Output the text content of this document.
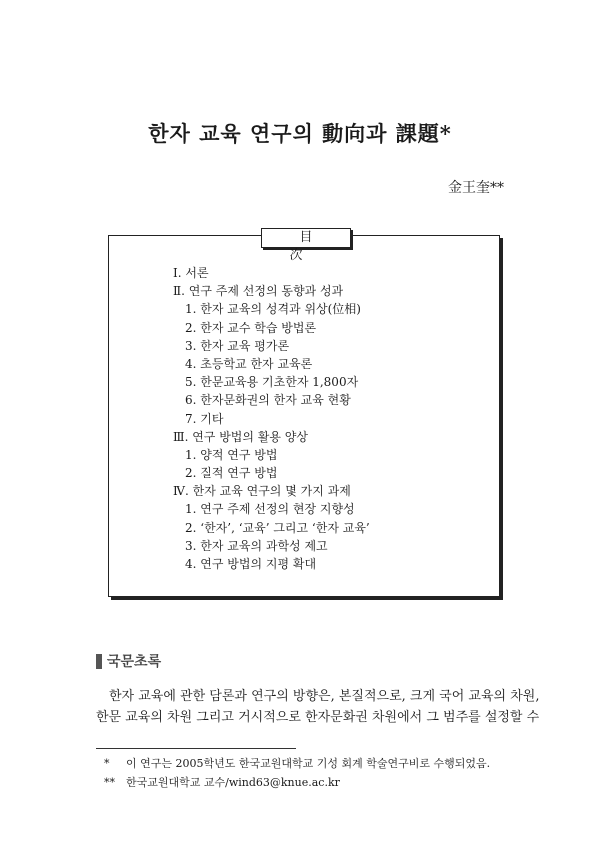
한자 교육 연구의 動向과 課題*
金王奎**
目 次
Ⅰ. 서론
Ⅱ. 연구 주제 선정의 동향과 성과
1. 한자 교육의 성격과 위상(位相)
2. 한자 교수 학습 방법론
3. 한자 교육 평가론
4. 초등학교 한자 교육론
5. 한문교육용 기초한자 1,800자
6. 한자문화권의 한자 교육 현황
7. 기타
Ⅲ. 연구 방법의 활용 양상
1. 양적 연구 방법
2. 질적 연구 방법
Ⅳ. 한자 교육 연구의 몇 가지 과제
1. 연구 주제 선정의 현장 지향성
2. ‘한자’, ‘교육’ 그리고 ‘한자 교육’
3. 한자 교육의 과학성 제고
4. 연구 방법의 지평 확대
국문초록

한자 교육에 관한 담론과 연구의 방향은, 본질적으로, 크게 국어 교육의 차원,

한문 교육의 차원 그리고 거시적으로 한자문화권 차원에서 그 범주를 설정할 수

* 이 연구는 2005학년도 한국교원대학교 기성 회계 학술연구비로 수행되었음.
** 한국교원대학교 교수/wind63@knue.ac.kr
